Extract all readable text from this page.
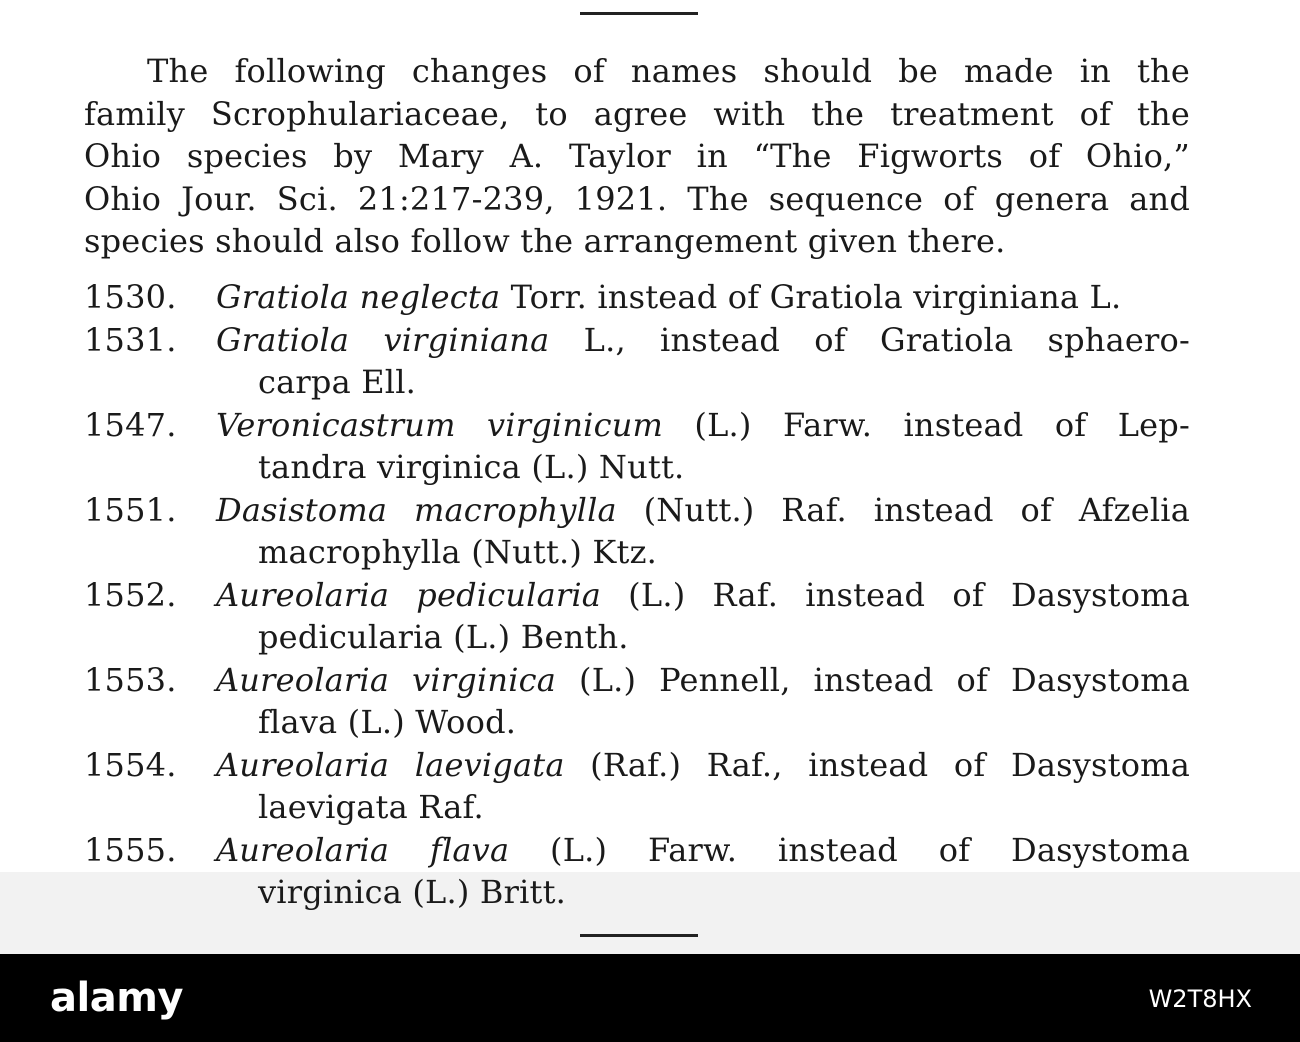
The following changes of names should be made in the
family Scrophulariaceae, to agree with the treatment of the
Ohio species by Mary A. Taylor in “The Figworts of Ohio,”
Ohio Jour. Sci. 21:217-239, 1921. The sequence of genera and
species should also follow the arrangement given there.
1530.	Gratiola neglecta Torr. instead of Gratiola virginiana L.
1531.	Gratiola virginiana L., instead of Gratiola sphaero-
carpa Ell.
1547.	Veronicastrum virginicum (L.) Farw. instead of Lep-
tandra virginica (L.) Nutt.
1551.	Dasistoma macrophylla (Nutt.) Raf. instead of Afzelia
macrophylla (Nutt.) Ktz.
1552.	Aureolaria pedicularia (L.) Raf. instead of Dasystoma
pedicularia (L.) Benth.
1553.	Aureolaria virginica (L.) Pennell, instead of Dasystoma
flava (L.) Wood.
1554.	Aureolaria laevigata (Raf.) Raf., instead of Dasystoma
laevigata Raf.
1555.	Aureolaria flava (L.) Farw. instead of Dasystoma
virginica (L.) Britt.
alamy	W2T8HX
